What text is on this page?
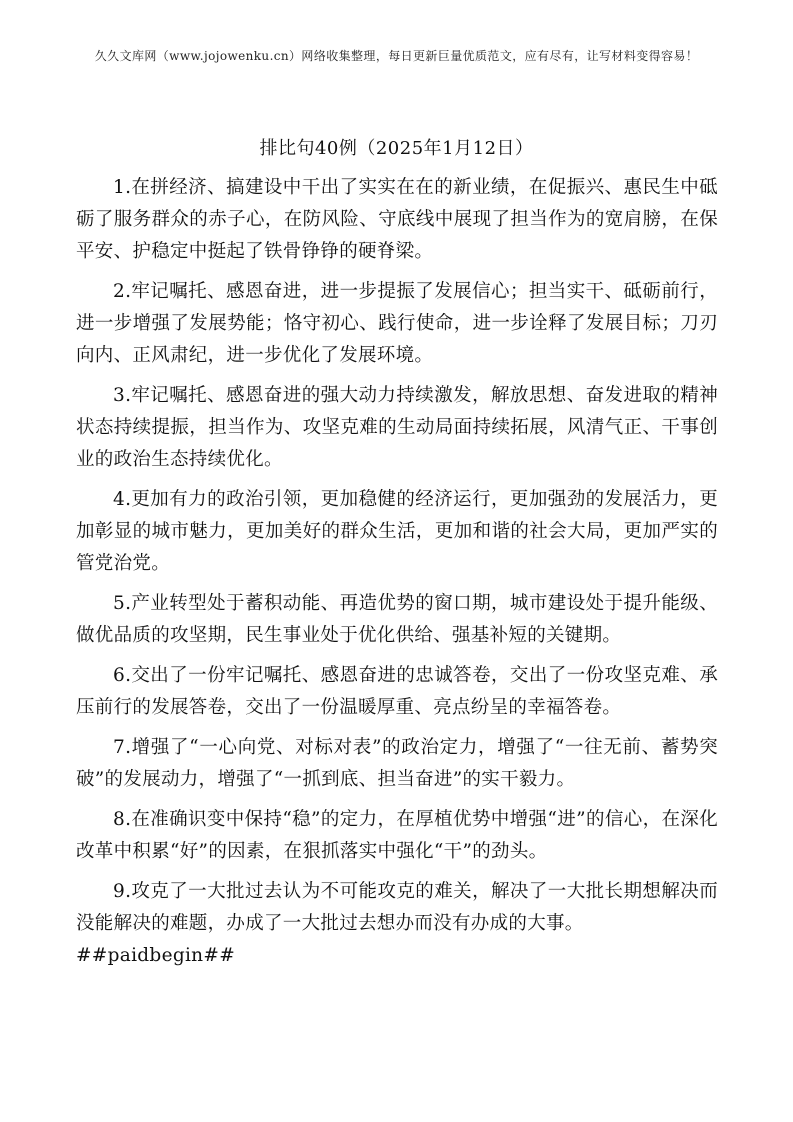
久久文库网（www.jojowenku.cn）网络收集整理，每日更新巨量优质范文，应有尽有，让写材料变得容易！
排比句40例（2025年1月12日）

1.在拼经济、搞建设中干出了实实在在的新业绩，在促振兴、惠民生中砥砺了服务群众的赤子心，在防风险、守底线中展现了担当作为的宽肩膀，在保平安、护稳定中挺起了铁骨铮铮的硬脊梁。

2.牢记嘱托、感恩奋进，进一步提振了发展信心；担当实干、砥砺前行，进一步增强了发展势能；恪守初心、践行使命，进一步诠释了发展目标；刀刃向内、正风肃纪，进一步优化了发展环境。

3.牢记嘱托、感恩奋进的强大动力持续激发，解放思想、奋发进取的精神状态持续提振，担当作为、攻坚克难的生动局面持续拓展，风清气正、干事创业的政治生态持续优化。

4.更加有力的政治引领，更加稳健的经济运行，更加强劲的发展活力，更加彰显的城市魅力，更加美好的群众生活，更加和谐的社会大局，更加严实的管党治党。

5.产业转型处于蓄积动能、再造优势的窗口期，城市建设处于提升能级、做优品质的攻坚期，民生事业处于优化供给、强基补短的关键期。

6.交出了一份牢记嘱托、感恩奋进的忠诚答卷，交出了一份攻坚克难、承压前行的发展答卷，交出了一份温暖厚重、亮点纷呈的幸福答卷。

7.增强了“一心向党、对标对表”的政治定力，增强了“一往无前、蓄势突破”的发展动力，增强了“一抓到底、担当奋进”的实干毅力。

8.在准确识变中保持“稳”的定力，在厚植优势中增强“进”的信心，在深化改革中积累“好”的因素，在狠抓落实中强化“干”的劲头。

9.攻克了一大批过去认为不可能攻克的难关，解决了一大批长期想解决而没能解决的难题，办成了一大批过去想办而没有办成的大事。

##paidbegin##
